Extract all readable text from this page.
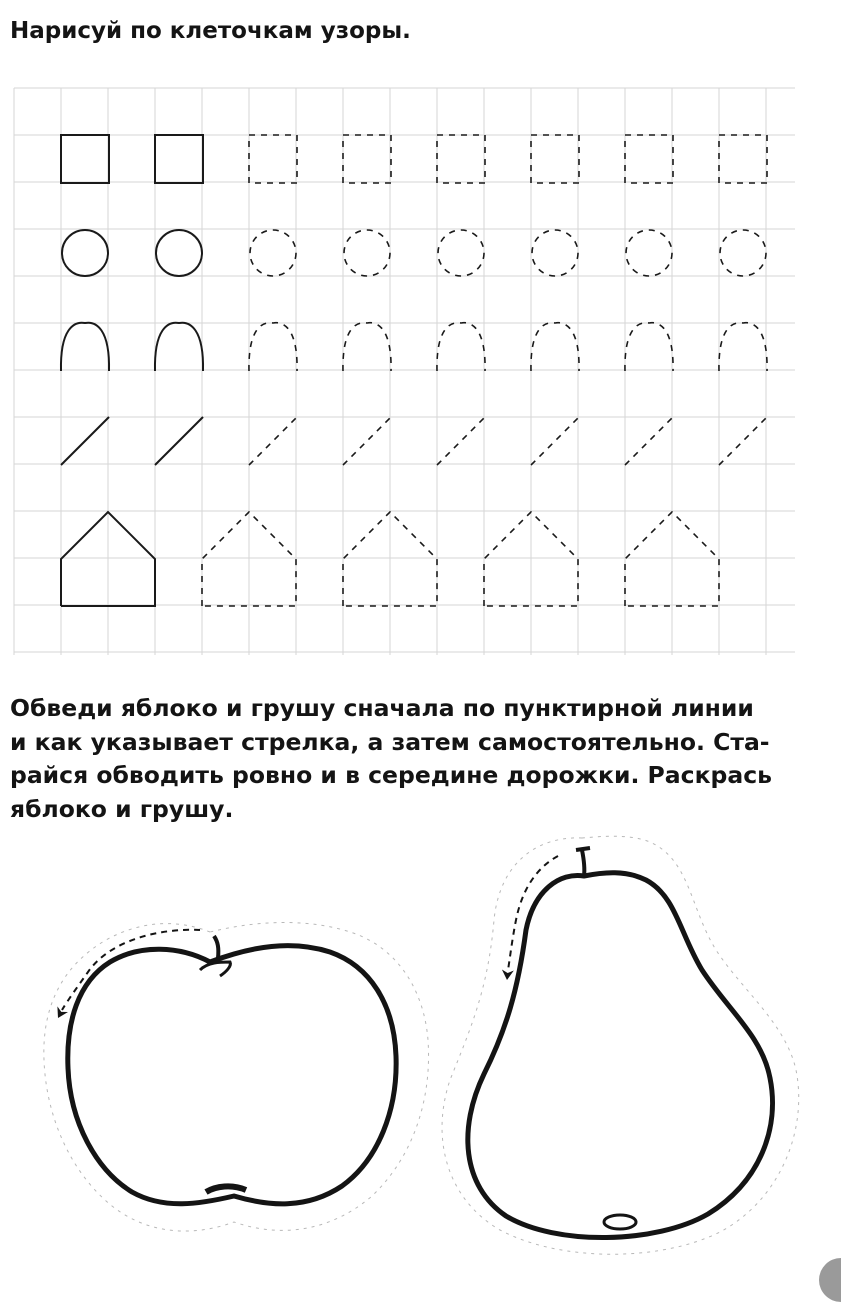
Нарисуй по клеточкам узоры.
Обведи яблоко и грушу сначала по пунктирной линии
и как указывает стрелка, а затем самостоятельно. Ста-
райся обводить ровно и в середине дорожки. Раскрась
яблоко и грушу.
